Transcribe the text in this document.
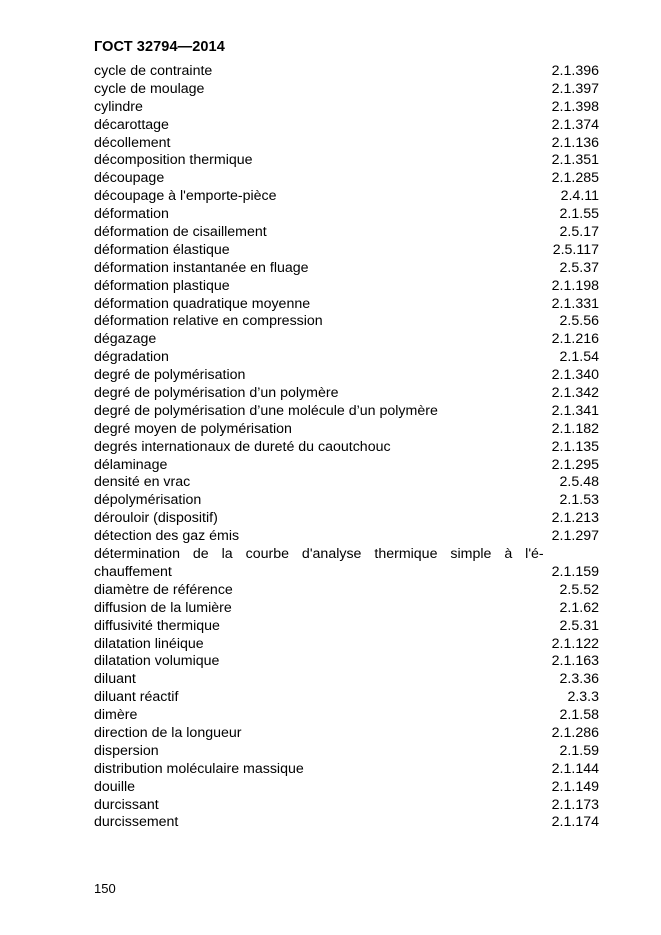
ГОСТ 32794—2014
cycle de contrainte	2.1.396
cycle de moulage	2.1.397
cylindre	2.1.398
décarottage	2.1.374
décollement	2.1.136
décomposition thermique	2.1.351
découpage	2.1.285
découpage à l'emporte-pièce	2.4.11
déformation	2.1.55
déformation de cisaillement	2.5.17
déformation élastique	2.5.117
déformation instantanée en fluage	2.5.37
déformation plastique	2.1.198
déformation quadratique moyenne	2.1.331
déformation relative en compression	2.5.56
dégazage	2.1.216
dégradation	2.1.54
degré de polymérisation	2.1.340
degré de polymérisation d’un polymère	2.1.342
degré de polymérisation d’une molécule d’un polymère	2.1.341
degré moyen de polymérisation	2.1.182
degrés internationaux de dureté du caoutchouc	2.1.135
délaminage	2.1.295
densité en vrac	2.5.48
dépolymérisation	2.1.53
dérouloir (dispositif)	2.1.213
détection des gaz émis	2.1.297
détermination de la courbe d'analyse thermique simple à l'é-chauffement	2.1.159
diamètre de référence	2.5.52
diffusion de la lumière	2.1.62
diffusivité thermique	2.5.31
dilatation linéique	2.1.122
dilatation volumique	2.1.163
diluant	2.3.36
diluant réactif	2.3.3
dimère	2.1.58
direction de la longueur	2.1.286
dispersion	2.1.59
distribution moléculaire massique	2.1.144
douille	2.1.149
durcissant	2.1.173
durcissement	2.1.174
150
